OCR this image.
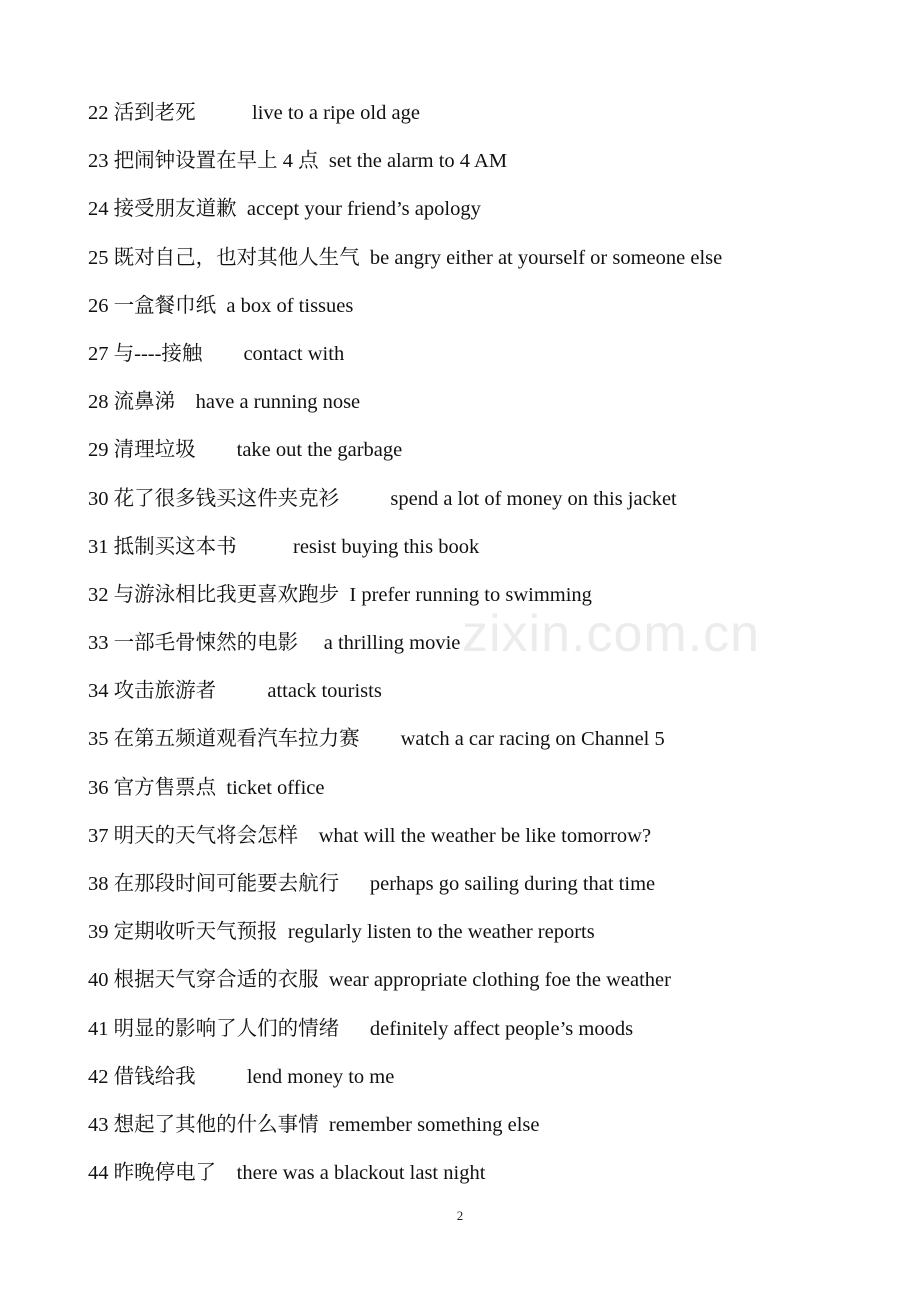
22 活到老死	live to a ripe old age
23 把闹钟设置在早上 4 点 set the alarm to 4 AM
24 接受朋友道歉 accept your friend’s apology
25 既对自己，也对其他人生气 be angry either at yourself or someone else
26 一盒餐巾纸 a box of tissues
27 与----接触 contact with
28 流鼻涕 have a running nose
29 清理垃圾 take out the garbage
30 花了很多钱买这件夹克衫	spend a lot of money on this jacket
31 抵制买这本书	resist buying this book
32 与游泳相比我更喜欢跑步 I prefer running to swimming
33 一部毛骨悚然的电影 a thrilling movie
34 攻击旅游者	attack tourists
35 在第五频道观看汽车拉力赛 watch a car racing on Channel 5
36 官方售票点 ticket office
37 明天的天气将会怎样 what will the weather be like tomorrow?
38 在那段时间可能要去航行 perhaps go sailing during that time
39 定期收听天气预报 regularly listen to the weather reports
40 根据天气穿合适的衣服 wear appropriate clothing foe the weather
41 明显的影响了人们的情绪 definitely affect people’s moods
42 借钱给我	lend money to me
43 想起了其他的什么事情 remember something else
44 昨晚停电了 there was a blackout last night
zixin.com.cn
2
